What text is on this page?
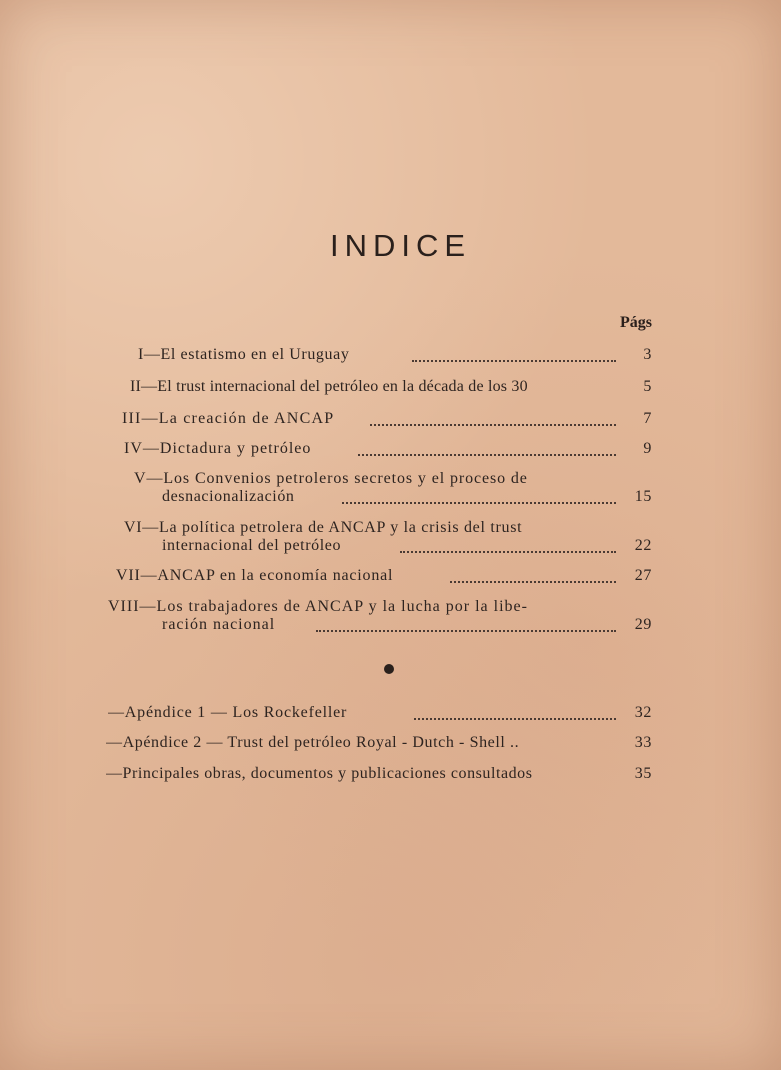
INDICE
Págs
I—El estatismo en el Uruguay	3
II—El trust internacional del petróleo en la década de los 30	5
III—La creación de ANCAP	7
IV—Dictadura y petróleo	9
V—Los Convenios petroleros secretos y el proceso de
desnacionalización	15
VI—La política petrolera de ANCAP y la crisis del trust
internacional del petróleo	22
VII—ANCAP en la economía nacional	27
VIII—Los trabajadores de ANCAP y la lucha por la libe-
ración nacional	29
—Apéndice 1 — Los Rockefeller	32
—Apéndice 2 — Trust del petróleo Royal - Dutch - Shell ..	33
—Principales obras, documentos y publicaciones consultados	35
